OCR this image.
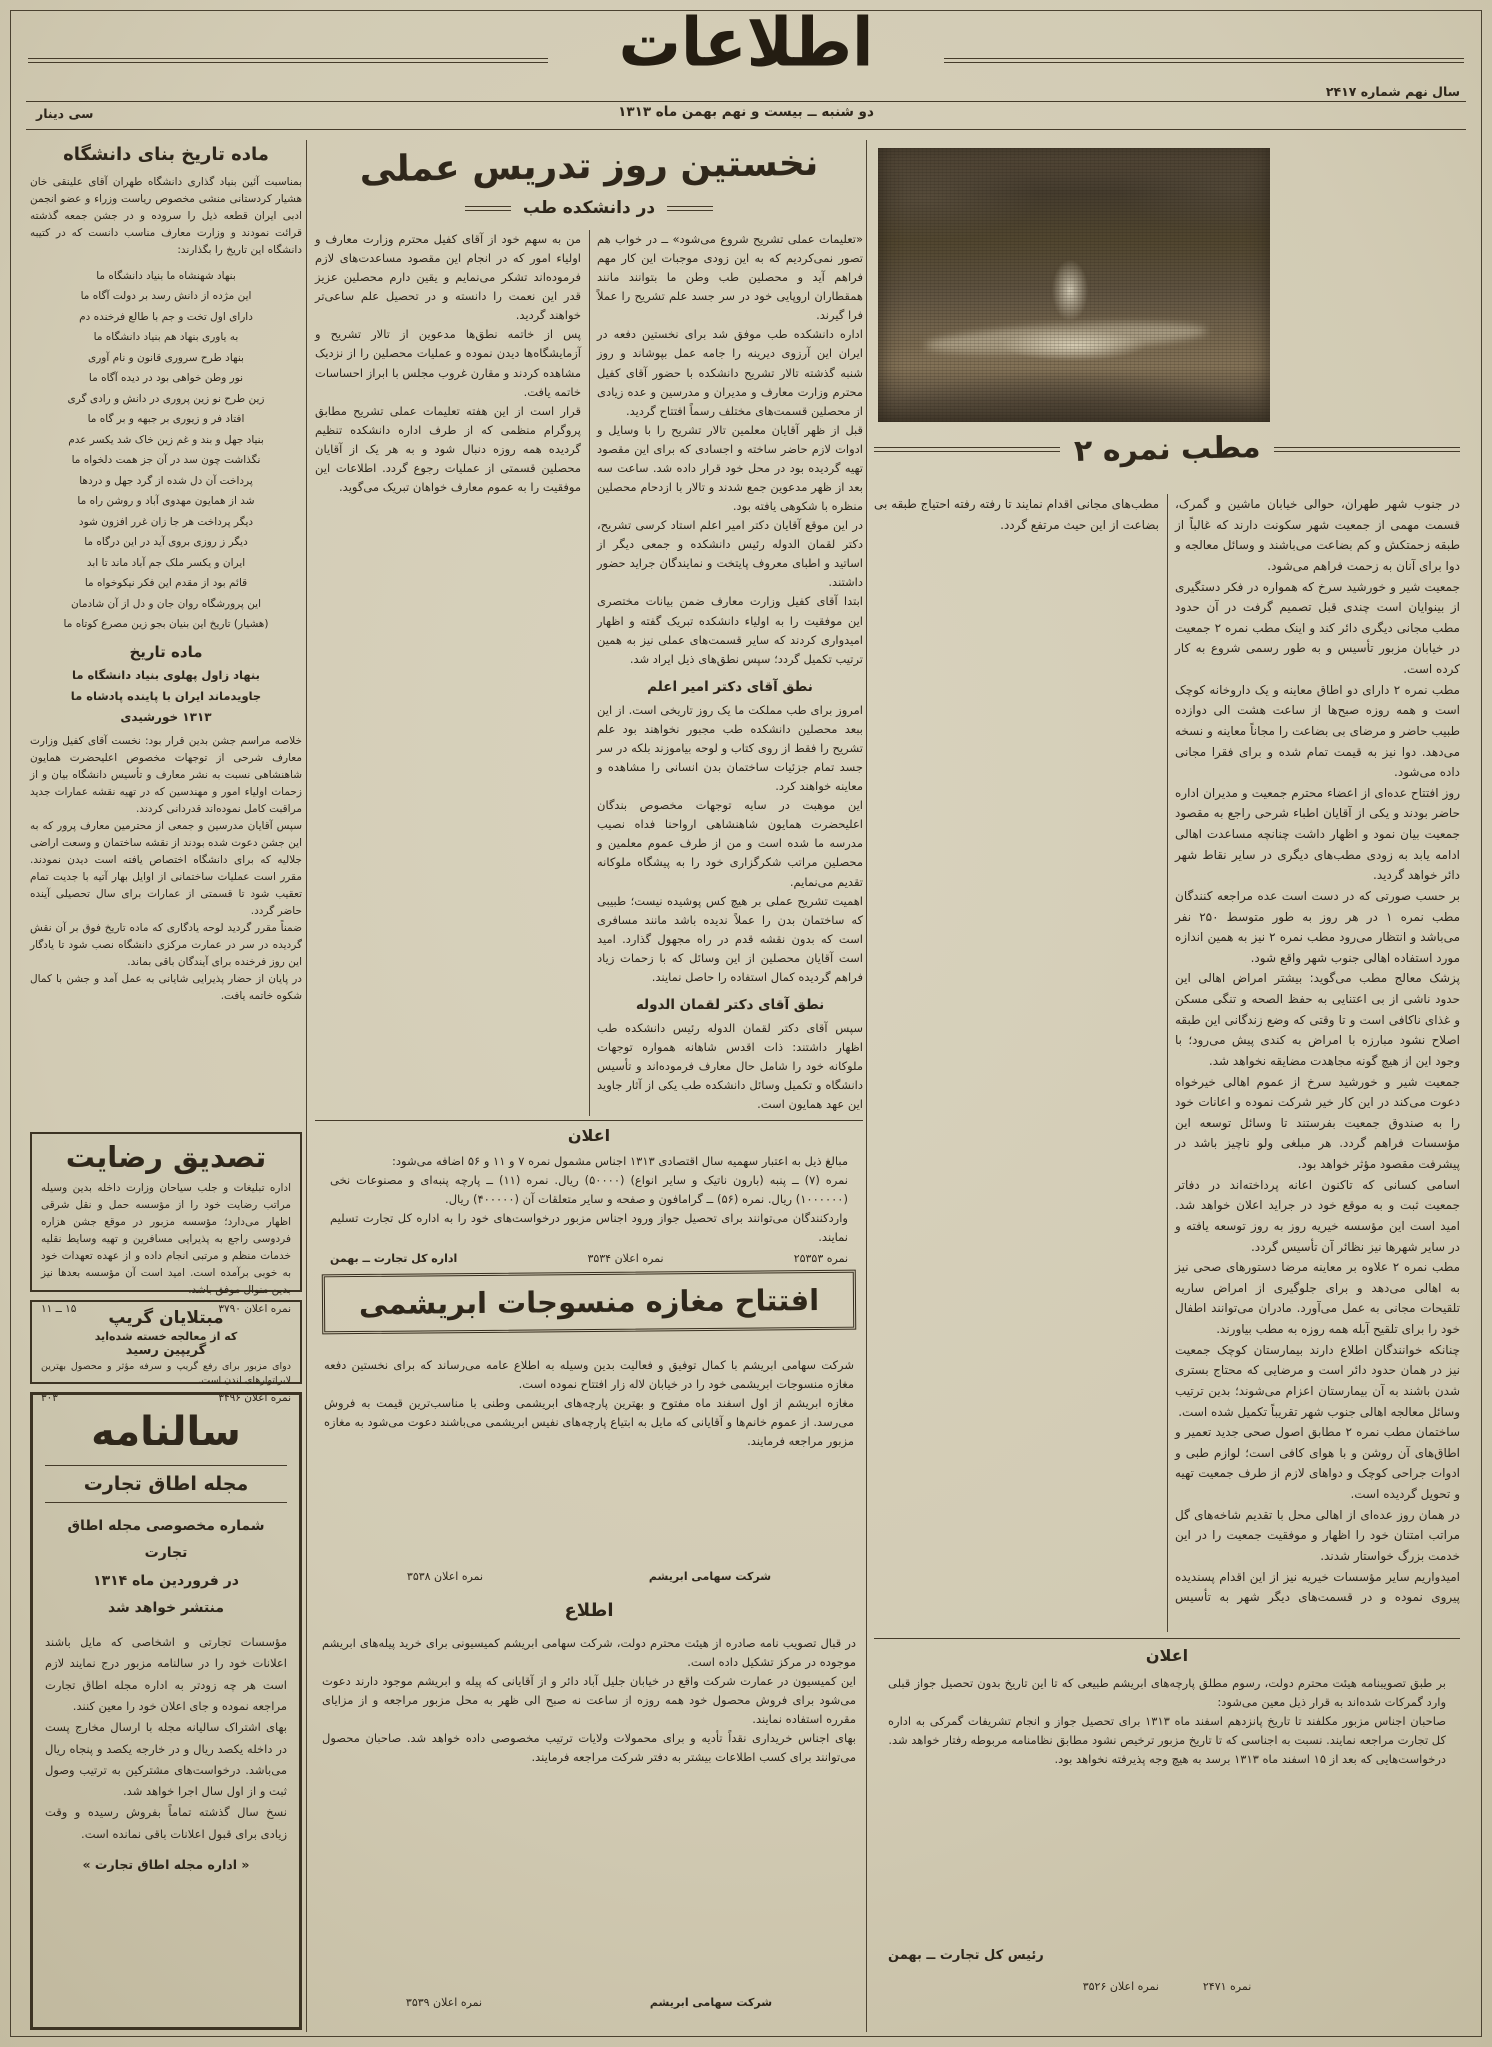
اطلاعات
سال نهم شماره ۲۴۱۷
دو شنبه ــ بیست و نهم بهمن ماه ۱۳۱۳
سی دینار
ماده تاریخ بنای دانشگاه

بمناسبت آئین بنیاد گذاری دانشگاه طهران آقای علینقی خان هشیار کردستانی منشی مخصوص ریاست وزراء و عضو انجمن ادبی ایران قطعه ذیل را سروده و در جشن جمعه گذشته قرائت نمودند و وزارت معارف مناسب دانست که در کتیبه دانشگاه این تاریخ را بگذارند:

بنهاد شهنشاه ما بنیاد دانشگاه ما
این مژده از دانش رسد بر دولت آگاه ما
دارای اول تخت و جم با طالع فرخنده دم
به یاوری بنهاد هم بنیاد دانشگاه ما
بنهاد طرح سروری قانون و نام آوری
نور وطن خواهی بود در دیده آگاه ما
زین طرح نو زین پروری در دانش و رادی گری
افتاد فر و زیوری بر جبهه و بر گاه ما
بنیاد جهل و بند و غم زین خاک شد یکسر عدم
نگذاشت چون سد در آن جز همت دلخواه ما
پرداخت آن دل شده از گرد جهل و دردها
شد از همایون مهدوی آباد و روشن راه ما
دیگر پرداخت هر جا زان غرر افزون شود
دیگر ز روزی بروی آید در این درگاه ما
ایران و یکسر ملک جم آباد ماند تا ابد
قائم بود از مقدم این فکر نیکوخواه ما
این پرورشگاه روان جان و دل از آن شادمان
(هشیار) تاریخ این بنیان بجو زین مصرع کوتاه ما
ماده تاریخ
بنهاد زاول پهلوی بنیاد دانشگاه ما
جاویدماند ایران با پاینده پادشاه ما
۱۳۱۳ خورشیدی

خلاصه مراسم جشن بدین قرار بود: نخست آقای کفیل وزارت معارف شرحی از توجهات مخصوص اعلیحضرت همایون شاهنشاهی نسبت به نشر معارف و تأسیس دانشگاه بیان و از زحمات اولیاء امور و مهندسین که در تهیه نقشه عمارات جدید مراقبت کامل نموده‌اند قدردانی کردند.
سپس آقایان مدرسین و جمعی از محترمین معارف پرور که به این جشن دعوت شده بودند از نقشه ساختمان و وسعت اراضی جلالیه که برای دانشگاه اختصاص یافته است دیدن نمودند. مقرر است عملیات ساختمانی از اوایل بهار آتیه با جدیت تمام تعقیب شود تا قسمتی از عمارات برای سال تحصیلی آینده حاضر گردد.
ضمناً مقرر گردید لوحه یادگاری که ماده تاریخ فوق بر آن نقش گردیده در سر در عمارت مرکزی دانشگاه نصب شود تا یادگار این روز فرخنده برای آیندگان باقی بماند.
در پایان از حضار پذیرایی شایانی به عمل آمد و جشن با کمال شکوه خاتمه یافت.

تصدیق رضایت

اداره تبلیغات و جلب سیاحان وزارت داخله بدین وسیله مراتب رضایت خود را از مؤسسه حمل و نقل شرقی اظهار می‌دارد؛ مؤسسه مزبور در موقع جشن هزاره فردوسی راجع به پذیرایی مسافرین و تهیه وسایط نقلیه خدمات منظم و مرتبی انجام داده و از عهده تعهدات خود به خوبی برآمده است. امید است آن مؤسسه بعدها نیز بدین منوال موفق باشد.

نمره اعلان ۳۷۹۰
۱۵ ــ ۱۱	مبتلایان گریپ
که از معالجه خسته شده‌اید
گریپین رسید

دوای مزبور برای رفع گریپ و سرفه مؤثر و محصول بهترین لابراتوارهای لندن است.

نمره اعلان ۳۴۹۶
۳۰۳
سالنامه
مجله اطاق تجارت
شماره مخصوصی مجله اطاق تجارت
در فروردین ماه ۱۳۱۴
منتشر خواهد شد

مؤسسات تجارتی و اشخاصی که مایل باشند اعلانات خود را در سالنامه مزبور درج نمایند لازم است هر چه زودتر به اداره مجله اطاق تجارت مراجعه نموده و جای اعلان خود را معین کنند.
بهای اشتراک سالیانه مجله با ارسال مخارج پست در داخله یکصد ریال و در خارجه یکصد و پنجاه ریال می‌باشد. درخواست‌های مشترکین به ترتیب وصول ثبت و از اول سال اجرا خواهد شد.
نسخ سال گذشته تماماً بفروش رسیده و وقت زیادی برای قبول اعلانات باقی نمانده است.

« اداره مجله اطاق تجارت »
نخستین روز تدریس عملی
در دانشکده طب

«تعلیمات عملی تشریح شروع می‌شود» ــ در خواب هم تصور نمی‌کردیم که به این زودی موجبات این کار مهم فراهم آید و محصلین طب وطن ما بتوانند مانند همقطاران اروپایی خود در سر جسد علم تشریح را عملاً فرا گیرند.
اداره دانشکده طب موفق شد برای نخستین دفعه در ایران این آرزوی دیرینه را جامه عمل بپوشاند و روز شنبه گذشته تالار تشریح دانشکده با حضور آقای کفیل محترم وزارت معارف و مدیران و مدرسین و عده زیادی از محصلین قسمت‌های مختلف رسماً افتتاح گردید.
قبل از ظهر آقایان معلمین تالار تشریح را با وسایل و ادوات لازم حاضر ساخته و اجسادی که برای این مقصود تهیه گردیده بود در محل خود قرار داده شد. ساعت سه بعد از ظهر مدعوین جمع شدند و تالار با ازدحام محصلین منظره با شکوهی یافته بود.
در این موقع آقایان دکتر امیر اعلم استاد کرسی تشریح، دکتر لقمان الدوله رئیس دانشکده و جمعی دیگر از اساتید و اطبای معروف پایتخت و نمایندگان جراید حضور داشتند.
ابتدا آقای کفیل وزارت معارف ضمن بیانات مختصری این موفقیت را به اولیاء دانشکده تبریک گفته و اظهار امیدواری کردند که سایر قسمت‌های عملی نیز به همین ترتیب تکمیل گردد؛ سپس نطق‌های ذیل ایراد شد.

نطق آقای دکتر امیر اعلم

امروز برای طب مملکت ما یک روز تاریخی است. از این ببعد محصلین دانشکده طب مجبور نخواهند بود علم تشریح را فقط از روی کتاب و لوحه بیاموزند بلکه در سر جسد تمام جزئیات ساختمان بدن انسانی را مشاهده و معاینه خواهند کرد.
این موهبت در سایه توجهات مخصوص بندگان اعلیحضرت همایون شاهنشاهی ارواحنا فداه نصیب مدرسه ما شده است و من از طرف عموم معلمین و محصلین مراتب شکرگزاری خود را به پیشگاه ملوکانه تقدیم می‌نمایم.
اهمیت تشریح عملی بر هیچ کس پوشیده نیست؛ طبیبی که ساختمان بدن را عملاً ندیده باشد مانند مسافری است که بدون نقشه قدم در راه مجهول گذارد. امید است آقایان محصلین از این وسائل که با زحمات زیاد فراهم گردیده کمال استفاده را حاصل نمایند.

نطق آقای دکتر لقمان الدوله

سپس آقای دکتر لقمان الدوله رئیس دانشکده طب اظهار داشتند: ذات اقدس شاهانه همواره توجهات ملوکانه خود را شامل حال معارف فرموده‌اند و تأسیس دانشگاه و تکمیل وسائل دانشکده طب یکی از آثار جاوید این عهد همایون است.
من به سهم خود از آقای کفیل محترم وزارت معارف و اولیاء امور که در انجام این مقصود مساعدت‌های لازم فرموده‌اند تشکر می‌نمایم و یقین دارم محصلین عزیز قدر این نعمت را دانسته و در تحصیل علم ساعی‌تر خواهند گردید.
پس از خاتمه نطق‌ها مدعوین از تالار تشریح و آزمایشگاه‌ها دیدن نموده و عملیات محصلین را از نزدیک مشاهده کردند و مقارن غروب مجلس با ابراز احساسات خاتمه یافت.
قرار است از این هفته تعلیمات عملی تشریح مطابق پروگرام منظمی که از طرف اداره دانشکده تنظیم گردیده همه روزه دنبال شود و به هر یک از آقایان محصلین قسمتی از عملیات رجوع گردد. اطلاعات این موفقیت را به عموم معارف خواهان تبریک می‌گوید.

اعلان

مبالغ ذیل به اعتبار سهمیه سال اقتصادی ۱۳۱۳ اجناس مشمول نمره ۷ و ۱۱ و ۵۶ اضافه می‌شود:
نمره (۷) ــ پنبه (بارون ناتیک و سایر انواع) (۵۰۰۰۰) ریال. نمره (۱۱) ــ پارچه پنبه‌ای و مصنوعات نخی (۱۰۰۰۰۰۰) ریال. نمره (۵۶) ــ گرامافون و صفحه و سایر متعلقات آن (۴۰۰۰۰۰) ریال.
واردکنندگان می‌توانند برای تحصیل جواز ورود اجناس مزبور درخواست‌های خود را به اداره کل تجارت تسلیم نمایند.

نمره ۲۵۳۵۳
نمره اعلان ۳۵۳۴
اداره کل تجارت ــ بهمن
افتتاح مغازه منسوجات ابریشمی

شرکت سهامی ابریشم با کمال توفیق و فعالیت بدین وسیله به اطلاع عامه می‌رساند که برای نخستین دفعه مغازه منسوجات ابریشمی خود را در خیابان لاله زار افتتاح نموده است.
مغازه ابریشم از اول اسفند ماه مفتوح و بهترین پارچه‌های ابریشمی وطنی با مناسب‌ترین قیمت به فروش می‌رسد. از عموم خانم‌ها و آقایانی که مایل به ابتیاع پارچه‌های نفیس ابریشمی می‌باشند دعوت می‌شود به مغازه مزبور مراجعه فرمایند.

شرکت سهامی ابریشم
نمره اعلان ۳۵۳۸
اطلاع

در قبال تصویب نامه صادره از هیئت محترم دولت، شرکت سهامی ابریشم کمیسیونی برای خرید پیله‌های ابریشم موجوده در مرکز تشکیل داده است.
این کمیسیون در عمارت شرکت واقع در خیابان جلیل آباد دائر و از آقایانی که پیله و ابریشم موجود دارند دعوت می‌شود برای فروش محصول خود همه روزه از ساعت نه صبح الی ظهر به محل مزبور مراجعه و از مزایای مقرره استفاده نمایند.
بهای اجناس خریداری نقداً تأدیه و برای محمولات ولایات ترتیب مخصوصی داده خواهد شد. صاحبان محصول می‌توانند برای کسب اطلاعات بیشتر به دفتر شرکت مراجعه فرمایند.

شرکت سهامی ابریشم
نمره اعلان ۳۵۳۹
مطب نمره ۲

در جنوب شهر طهران، حوالی خیابان ماشین و گمرک، قسمت مهمی از جمعیت شهر سکونت دارند که غالباً از طبقه زحمتکش و کم بضاعت می‌باشند و وسائل معالجه و دوا برای آنان به زحمت فراهم می‌شود.
جمعیت شیر و خورشید سرخ که همواره در فکر دستگیری از بینوایان است چندی قبل تصمیم گرفت در آن حدود مطب مجانی دیگری دائر کند و اینک مطب نمره ۲ جمعیت در خیابان مزبور تأسیس و به طور رسمی شروع به کار کرده است.
مطب نمره ۲ دارای دو اطاق معاینه و یک داروخانه کوچک است و همه روزه صبح‌ها از ساعت هشت الی دوازده طبیب حاضر و مرضای بی بضاعت را مجاناً معاینه و نسخه می‌دهد. دوا نیز به قیمت تمام شده و برای فقرا مجانی داده می‌شود.
روز افتتاح عده‌ای از اعضاء محترم جمعیت و مدیران اداره حاضر بودند و یکی از آقایان اطباء شرحی راجع به مقصود جمعیت بیان نمود و اظهار داشت چنانچه مساعدت اهالی ادامه یابد به زودی مطب‌های دیگری در سایر نقاط شهر دائر خواهد گردید.
بر حسب صورتی که در دست است عده مراجعه کنندگان مطب نمره ۱ در هر روز به طور متوسط ۲۵۰ نفر می‌باشد و انتظار می‌رود مطب نمره ۲ نیز به همین اندازه مورد استفاده اهالی جنوب شهر واقع شود.
پزشک معالج مطب می‌گوید: بیشتر امراض اهالی این حدود ناشی از بی اعتنایی به حفظ الصحه و تنگی مسکن و غذای ناکافی است و تا وقتی که وضع زندگانی این طبقه اصلاح نشود مبارزه با امراض به کندی پیش می‌رود؛ با وجود این از هیچ گونه مجاهدت مضایقه نخواهد شد.
جمعیت شیر و خورشید سرخ از عموم اهالی خیرخواه دعوت می‌کند در این کار خیر شرکت نموده و اعانات خود را به صندوق جمعیت بفرستند تا وسائل توسعه این مؤسسات فراهم گردد. هر مبلغی ولو ناچیز باشد در پیشرفت مقصود مؤثر خواهد بود.
اسامی کسانی که تاکنون اعانه پرداخته‌اند در دفاتر جمعیت ثبت و به موقع خود در جراید اعلان خواهد شد. امید است این مؤسسه خیریه روز به روز توسعه یافته و در سایر شهرها نیز نظائر آن تأسیس گردد.
مطب نمره ۲ علاوه بر معاینه مرضا دستورهای صحی نیز به اهالی می‌دهد و برای جلوگیری از امراض ساریه تلقیحات مجانی به عمل می‌آورد. مادران می‌توانند اطفال خود را برای تلقیح آبله همه روزه به مطب بیاورند.
چنانکه خوانندگان اطلاع دارند بیمارستان کوچک جمعیت نیز در همان حدود دائر است و مرضایی که محتاج بستری شدن باشند به آن بیمارستان اعزام می‌شوند؛ بدین ترتیب وسائل معالجه اهالی جنوب شهر تقریباً تکمیل شده است.
ساختمان مطب نمره ۲ مطابق اصول صحی جدید تعمیر و اطاق‌های آن روشن و با هوای کافی است؛ لوازم طبی و ادوات جراحی کوچک و دواهای لازم از طرف جمعیت تهیه و تحویل گردیده است.
در همان روز عده‌ای از اهالی محل با تقدیم شاخه‌های گل مراتب امتنان خود را اظهار و موفقیت جمعیت را در این خدمت بزرگ خواستار شدند.
امیدواریم سایر مؤسسات خیریه نیز از این اقدام پسندیده پیروی نموده و در قسمت‌های دیگر شهر به تأسیس مطب‌های مجانی اقدام نمایند تا رفته رفته احتیاج طبقه بی بضاعت از این حیث مرتفع گردد.

اعلان

بر طبق تصویبنامه هیئت محترم دولت، رسوم مطلق پارچه‌های ابریشم طبیعی که تا این تاریخ بدون تحصیل جواز قبلی وارد گمرکات شده‌اند به قرار ذیل معین می‌شود:
صاحبان اجناس مزبور مکلفند تا تاریخ پانزدهم اسفند ماه ۱۳۱۳ برای تحصیل جواز و انجام تشریفات گمرکی به اداره کل تجارت مراجعه نمایند. نسبت به اجناسی که تا تاریخ مزبور ترخیص نشود مطابق نظامنامه مربوطه رفتار خواهد شد.
درخواست‌هایی که بعد از ۱۵ اسفند ماه ۱۳۱۳ برسد به هیچ وجه پذیرفته نخواهد بود.

رئیس کل تجارت ــ بهمن
نمره ۲۴۷۱
نمره اعلان ۳۵۲۶
